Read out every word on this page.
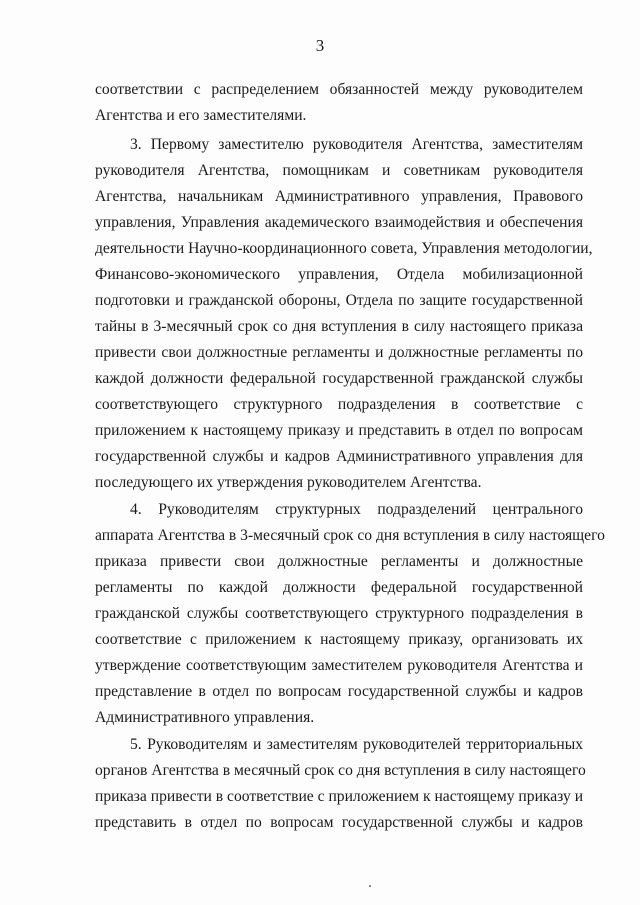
3
соответствии с распределением обязанностей между руководителем
Агентства и его заместителями.
3. Первому заместителю руководителя Агентства, заместителям
руководителя Агентства, помощникам и советникам руководителя
Агентства, начальникам Административного управления, Правового
управления, Управления академического взаимодействия и обеспечения
деятельности Научно-координационного совета, Управления методологии,
Финансово-экономического управления, Отдела мобилизационной
подготовки и гражданской обороны, Отдела по защите государственной
тайны в 3-месячный срок со дня вступления в силу настоящего приказа
привести свои должностные регламенты и должностные регламенты по
каждой должности федеральной государственной гражданской службы
соответствующего структурного подразделения в соответствие с
приложением к настоящему приказу и представить в отдел по вопросам
государственной службы и кадров Административного управления для
последующего их утверждения руководителем Агентства.
4. Руководителям структурных подразделений центрального
аппарата Агентства в 3-месячный срок со дня вступления в силу настоящего
приказа привести свои должностные регламенты и должностные
регламенты по каждой должности федеральной государственной
гражданской службы соответствующего структурного подразделения в
соответствие с приложением к настоящему приказу, организовать их
утверждение соответствующим заместителем руководителя Агентства и
представление в отдел по вопросам государственной службы и кадров
Административного управления.
5. Руководителям и заместителям руководителей территориальных
органов Агентства в месячный срок со дня вступления в силу настоящего
приказа привести в соответствие с приложением к настоящему приказу и
представить в отдел по вопросам государственной службы и кадров
